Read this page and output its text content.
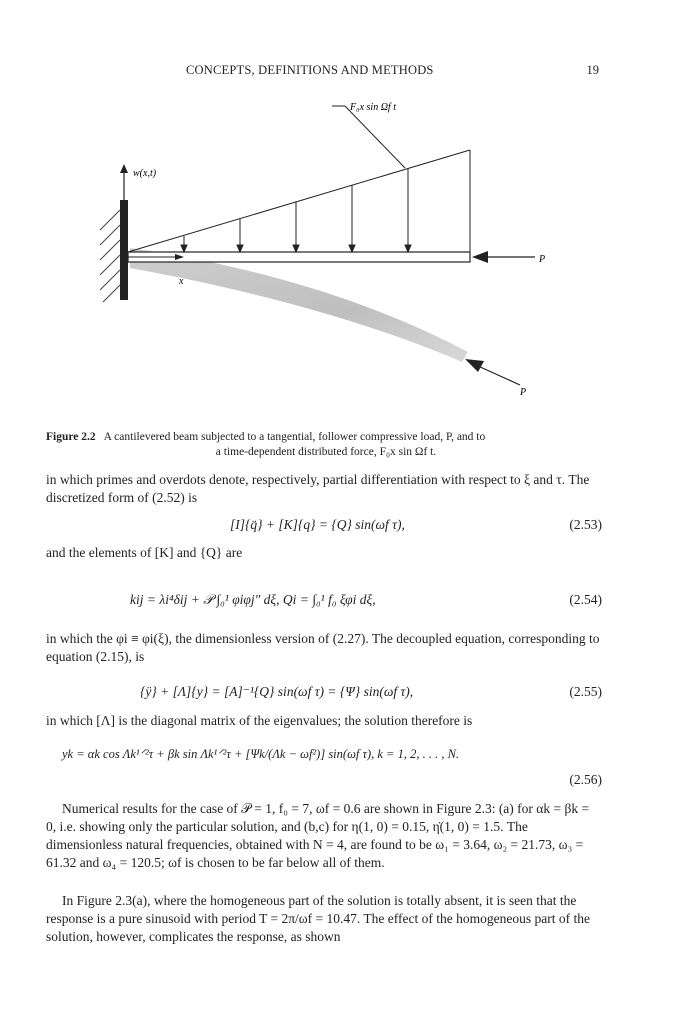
CONCEPTS, DEFINITIONS AND METHODS	19
w(x,t)
x
F₀x sin Ωf t
P
P
Figure 2.2 A cantilevered beam subjected to a tangential, follower compressive load, P, and to
a time-dependent distributed force, F₀x sin Ωf t.
in which primes and overdots denote, respectively, partial differentiation with respect to ξ and τ. The discretized form of (2.52) is
[I]{q̈} + [K]{q} = {Q} sin(ωf τ),	(2.53)
and the elements of [K] and {Q} are
kij = λi⁴δij + 𝒫 ∫₀¹ φiφj″ dξ, Qi = ∫₀¹ f₀ ξφi dξ,	(2.54)
in which the φi ≡ φi(ξ), the dimensionless version of (2.27). The decoupled equation, corresponding to equation (2.15), is
{ÿ} + [Λ]{y} = [A]⁻¹{Q} sin(ωf τ) = {Ψ} sin(ωf τ),	(2.55)
in which [Λ] is the diagonal matrix of the eigenvalues; the solution therefore is
yk = αk cos Λk¹ᐟ²τ + βk sin Λk¹ᐟ²τ + [Ψk/(Λk − ωf²)] sin(ωf τ), k = 1, 2, . . . , N.
(2.56)
Numerical results for the case of 𝒫 = 1, f₀ = 7, ωf = 0.6 are shown in Figure 2.3: (a) for αk = βk = 0, i.e. showing only the particular solution, and (b,c) for η(1, 0) = 0.15, η̇(1, 0) = 1.5. The dimensionless natural frequencies, obtained with N = 4, are found to be ω₁ = 3.64, ω₂ = 21.73, ω₃ = 61.32 and ω₄ = 120.5; ωf is chosen to be far below all of them.
In Figure 2.3(a), where the homogeneous part of the solution is totally absent, it is seen that the response is a pure sinusoid with period T = 2π/ωf = 10.47. The effect of the homogeneous part of the solution, however, complicates the response, as shown
